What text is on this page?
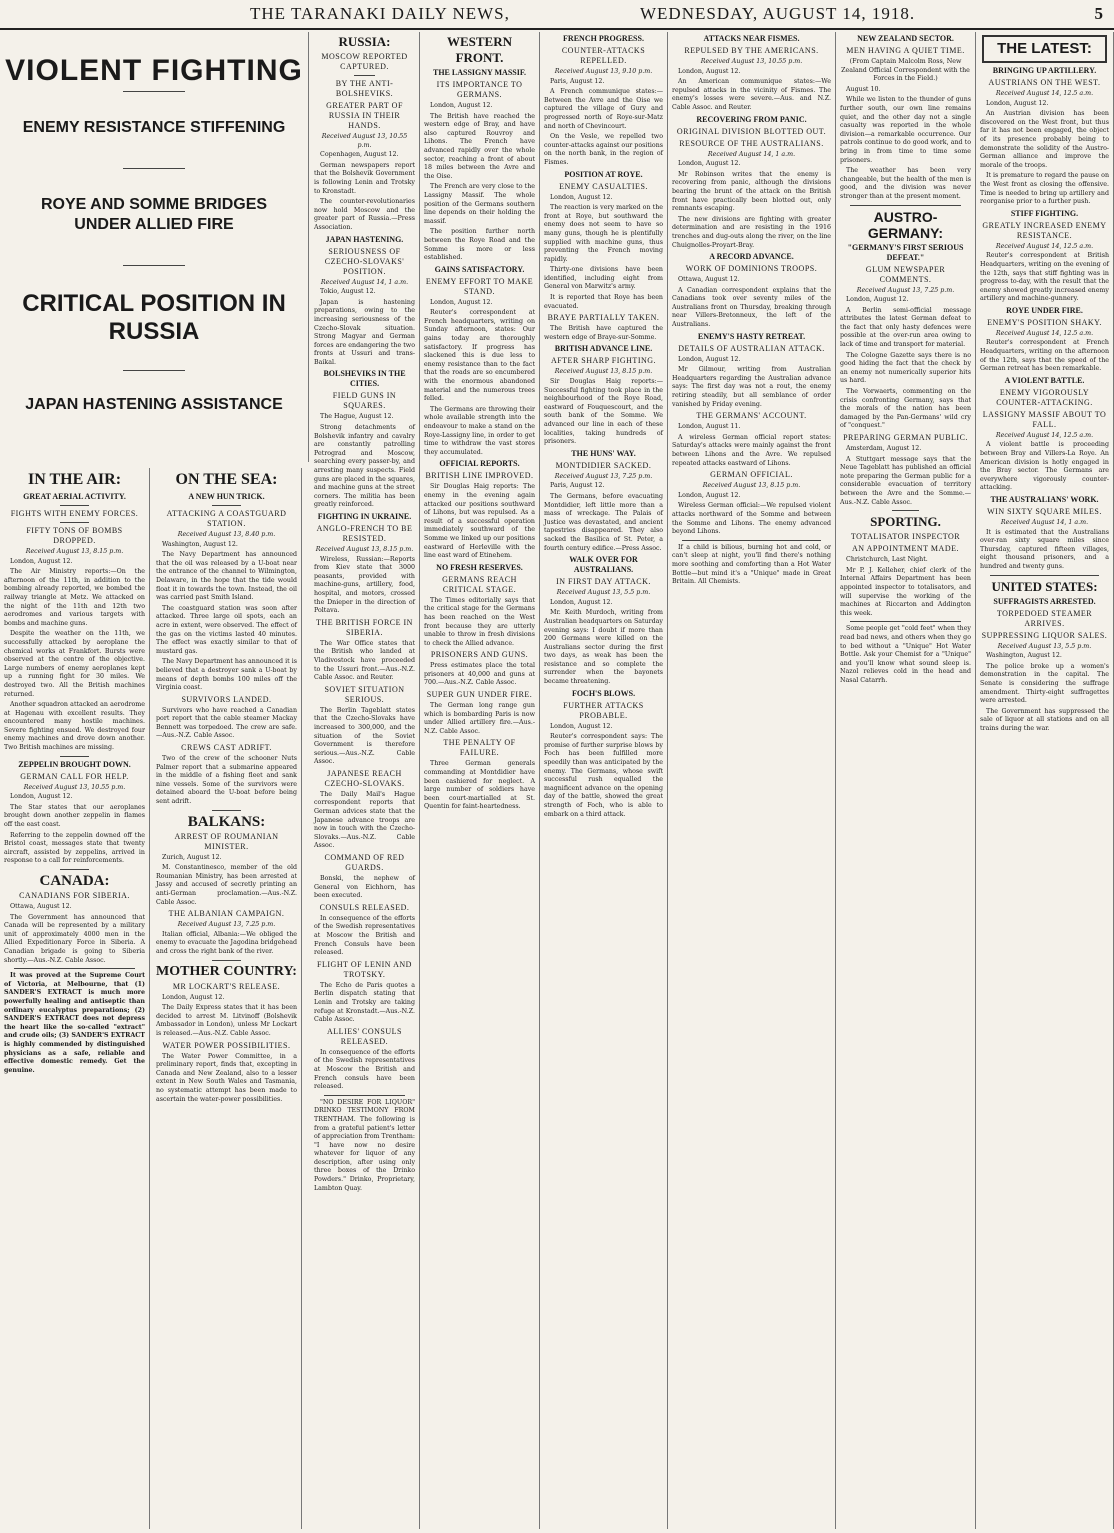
THE TARANAKI DAILY NEWS,	WEDNESDAY, AUGUST 14, 1918.	5
VIOLENT FIGHTING
ENEMY RESISTANCE STIFFENING
ROYE AND SOMME BRIDGES UNDER ALLIED FIRE
CRITICAL POSITION IN RUSSIA
JAPAN HASTENING ASSISTANCE
IN THE AIR:
GREAT AERIAL ACTIVITY.
FIGHTS WITH ENEMY FORCES.
FIFTY TONS OF BOMBS DROPPED.
Received August 13, 8.15 p.m.

London, August 12.

The Air Ministry reports:—On the afternoon of the 11th, in addition to the bombing already reported, we bombed the railway triangle at Metz. We attacked on the night of the 11th and 12th two aerodromes and various targets with bombs and machine guns.

Despite the weather on the 11th, we successfully attacked by aeroplane the chemical works at Frankfort. Bursts were observed at the centre of the objective. Large numbers of enemy aeroplanes kept up a running fight for 30 miles. We destroyed two. All the British machines returned.

Another squadron attacked an aerodrome at Hagenau with excellent results. They encountered many hostile machines. Severe fighting ensued. We destroyed four enemy machines and drove down another. Two British machines are missing.

ZEPPELIN BROUGHT DOWN.
GERMAN CALL FOR HELP.
Received August 13, 10.55 p.m.

London, August 12.

The Star states that our aeroplanes brought down another zeppelin in flames off the east coast.

Referring to the zeppelin downed off the Bristol coast, messages state that twenty aircraft, assisted by zeppelins, arrived in response to a call for reinforcements.

CANADA:
CANADIANS FOR SIBERIA.

Ottawa, August 12.

The Government has announced that Canada will be represented by a military unit of approximately 4000 men in the Allied Expeditionary Force in Siberia. A Canadian brigade is going to Siberia shortly.—Aus.-N.Z. Cable Assoc.

It was proved at the Supreme Court of Victoria, at Melbourne, that (1) SANDER'S EXTRACT is much more powerfully healing and antiseptic than ordinary eucalyptus preparations; (2) SANDER'S EXTRACT does not depress the heart like the so-called "extract" and crude oils; (3) SANDER'S EXTRACT is highly commended by distinguished physicians as a safe, reliable and effective domestic remedy. Get the genuine.

ON THE SEA:
A NEW HUN TRICK.
ATTACKING A COASTGUARD STATION.
Received August 13, 8.40 p.m.

Washington, August 12.

The Navy Department has announced that the oil was released by a U-boat near the entrance of the channel to Wilmington, Delaware, in the hope that the tide would float it in towards the town. Instead, the oil was carried past Smith Island.

The coastguard station was soon after attacked. Three large oil spots, each an acre in extent, were observed. The effect of the gas on the victims lasted 40 minutes. The effect was exactly similar to that of mustard gas.

The Navy Department has announced it is believed that a destroyer sank a U-boat by means of depth bombs 100 miles off the Virginia coast.

SURVIVORS LANDED.

Survivors who have reached a Canadian port report that the cable steamer Mackay Bennett was torpedoed. The crew are safe.—Aus.-N.Z. Cable Assoc.

CREWS CAST ADRIFT.

Two of the crew of the schooner Nuts Palmer report that a submarine appeared in the middle of a fishing fleet and sank nine vessels. Some of the survivors were detained aboard the U-boat before being sent adrift.

BALKANS:
ARREST OF ROUMANIAN MINISTER.

Zurich, August 12.

M. Constantinesco, member of the old Roumanian Ministry, has been arrested at Jassy and accused of secretly printing an anti-German proclamation.—Aus.-N.Z. Cable Assoc.

THE ALBANIAN CAMPAIGN.
Received August 13, 7.25 p.m.

Italian official, Albania:—We obliged the enemy to evacuate the Jagodina bridgehead and cross the right bank of the river.

MOTHER COUNTRY:
MR LOCKART'S RELEASE.

London, August 12.

The Daily Express states that it has been decided to arrest M. Litvinoff (Bolshevik Ambassador in London), unless Mr Lockart is released.—Aus.-N.Z. Cable Assoc.

WATER POWER POSSIBILITIES.

The Water Power Committee, in a preliminary report, finds that, excepting in Canada and New Zealand, also to a lesser extent in New South Wales and Tasmania, no systematic attempt has been made to ascertain the water-power possibilities.

RUSSIA:
MOSCOW REPORTED CAPTURED.
BY THE ANTI-BOLSHEVIKS.
GREATER PART OF RUSSIA IN THEIR HANDS.
Received August 13, 10.55 p.m.

Copenhagen, August 12.

German newspapers report that the Bolshevik Government is following Lenin and Trotsky to Kronstadt.

The counter-revolutionaries now hold Moscow and the greater part of Russia.—Press Association.

JAPAN HASTENING.
SERIOUSNESS OF CZECHO-SLOVAKS' POSITION.
Received August 14, 1 a.m.

Tokio, August 12.

Japan is hastening preparations, owing to the increasing seriousness of the Czecho-Slovak situation. Strong Magyar and German forces are endangering the two fronts at Ussuri and trans-Baikal.

BOLSHEVIKS IN THE CITIES.
FIELD GUNS IN SQUARES.

The Hague, August 12.

Strong detachments of Bolshevik infantry and cavalry are constantly patrolling Petrograd and Moscow, searching every passer-by, and arresting many suspects. Field guns are placed in the squares, and machine guns at the street corners. The militia has been greatly reinforced.

FIGHTING IN UKRAINE.
ANGLO-FRENCH TO BE RESISTED.
Received August 13, 8.15 p.m.

Wireless, Russian:—Reports from Kiev state that 3000 peasants, provided with machine-guns, artillery, food, hospital, and motors, crossed the Dnieper in the direction of Poltava.

THE BRITISH FORCE IN SIBERIA.

The War Office states that the British who landed at Vladivostock have proceeded to the Ussuri front.—Aus.-N.Z. Cable Assoc. and Reuter.

SOVIET SITUATION SERIOUS.

The Berlin Tageblatt states that the Czecho-Slovaks have increased to 300,000, and the situation of the Soviet Government is therefore serious.—Aus.-N.Z. Cable Assoc.

JAPANESE REACH CZECHO-SLOVAKS.

The Daily Mail's Hague correspondent reports that German advices state that the Japanese advance troops are now in touch with the Czecho-Slovaks.—Aus.-N.Z. Cable Assoc.

COMMAND OF RED GUARDS.

Bonski, the nephew of General von Eichhorn, has been executed.

CONSULS RELEASED.

In consequence of the efforts of the Swedish representatives at Moscow the British and French Consuls have been released.

FLIGHT OF LENIN AND TROTSKY.

The Echo de Paris quotes a Berlin dispatch stating that Lenin and Trotsky are taking refuge at Kronstadt.—Aus.-N.Z. Cable Assoc.

ALLIES' CONSULS RELEASED.

In consequence of the efforts of the Swedish representatives at Moscow the British and French consuls have been released.

"NO DESIRE FOR LIQUOR" DRINKO TESTIMONY FROM TRENTHAM. The following is from a grateful patient's letter of appreciation from Trentham: "I have now no desire whatever for liquor of any description, after using only three boxes of the Drinko Powders." Drinko, Proprietary, Lambton Quay.

WESTERN FRONT.
THE LASSIGNY MASSIF.
ITS IMPORTANCE TO GERMANS.

London, August 12.

The British have reached the western edge of Bray, and have also captured Rouvroy and Lihons. The French have advanced rapidly over the whole sector, reaching a front of about 18 miles between the Avre and the Oise.

The French are very close to the Lassigny Massif. The whole position of the Germans southern line depends on their holding the massif.

The position further north between the Roye Road and the Somme is more or less established.

GAINS SATISFACTORY.
ENEMY EFFORT TO MAKE STAND.

London, August 12.

Reuter's correspondent at French headquarters, writing on Sunday afternoon, states: Our gains today are thoroughly satisfactory. If progress has slackened this is due less to enemy resistance than to the fact that the roads are so encumbered with the enormous abandoned material and the numerous trees felled.

The Germans are throwing their whole available strength into the endeavour to make a stand on the Roye-Lassigny line, in order to get time to withdraw the vast stores they accumulated.

OFFICIAL REPORTS.
BRITISH LINE IMPROVED.

Sir Douglas Haig reports: The enemy in the evening again attacked our positions southward of Lihons, but was repulsed. As a result of a successful operation immediately southward of the Somme we linked up our positions eastward of Herleville with the line east ward of Etinehem.

NO FRESH RESERVES.
GERMANS REACH CRITICAL STAGE.

The Times editorially says that the critical stage for the Germans has been reached on the West front because they are utterly unable to throw in fresh divisions to check the Allied advance.

PRISONERS AND GUNS.

Press estimates place the total prisoners at 40,000 and guns at 700.—Aus.-N.Z. Cable Assoc.

SUPER GUN UNDER FIRE.

The German long range gun which is bombarding Paris is now under Allied artillery fire.—Aus.-N.Z. Cable Assoc.

THE PENALTY OF FAILURE.

Three German generals commanding at Montdidier have been cashiered for neglect. A large number of soldiers have been court-martialled at St. Quentin for faint-heartedness.

FRENCH PROGRESS.
COUNTER-ATTACKS REPELLED.
Received August 13, 9.10 p.m.

Paris, August 12.

A French communique states:—Between the Avre and the Oise we captured the village of Gury and progressed north of Roye-sur-Matz and north of Chevincourt.

On the Vesle, we repelled two counter-attacks against our positions on the north bank, in the region of Fismes.

POSITION AT ROYE.
ENEMY CASUALTIES.

London, August 12.

The reaction is very marked on the front at Roye, but southward the enemy does not seem to have so many guns, though he is plentifully supplied with machine guns, thus preventing the French moving rapidly.

Thirty-one divisions have been identified, including eight from General von Marwitz's army.

It is reported that Roye has been evacuated.

BRAYE PARTIALLY TAKEN.

The British have captured the western edge of Braye-sur-Somme.

BRITISH ADVANCE LINE.
AFTER SHARP FIGHTING.
Received August 13, 8.15 p.m.

Sir Douglas Haig reports:—Successful fighting took place in the neighbourhood of the Roye Road, eastward of Fouquescourt, and the south bank of the Somme. We advanced our line in each of these localities, taking hundreds of prisoners.

THE HUNS' WAY.
MONTDIDIER SACKED.
Received August 13, 7.25 p.m.

Paris, August 12.

The Germans, before evacuating Montdidier, left little more than a mass of wreckage. The Palais of Justice was devastated, and ancient tapestries disappeared. They also sacked the Basilica of St. Peter, a fourth century edifice.—Press Assoc.

WALK OVER FOR AUSTRALIANS.
IN FIRST DAY ATTACK.
Received August 13, 5.5 p.m.

London, August 12.

Mr. Keith Murdoch, writing from Australian headquarters on Saturday evening says: I doubt if more than 200 Germans were killed on the Australians sector during the first two days, as weak has been the resistance and so complete the surrender when the bayonets became threatening.

FOCH'S BLOWS.
FURTHER ATTACKS PROBABLE.

London, August 12.

Reuter's correspondent says: The promise of further surprise blows by Foch has been fulfilled more speedily than was anticipated by the enemy. The Germans, whose swift successful rush equalled the magnificent advance on the opening day of the battle, showed the great strength of Foch, who is able to embark on a third attack.

ATTACKS NEAR FISMES.
REPULSED BY THE AMERICANS.
Received August 13, 10.55 p.m.

London, August 12.

An American communique states:—We repulsed attacks in the vicinity of Fismes. The enemy's losses were severe.—Aus. and N.Z. Cable Assoc. and Reuter.

RECOVERING FROM PANIC.
ORIGINAL DIVISION BLOTTED OUT.
RESOURCE OF THE AUSTRALIANS.
Received August 14, 1 a.m.

London, August 12.

Mr Robinson writes that the enemy is recovering from panic, although the divisions bearing the brunt of the attack on the British front have practically been blotted out, only remnants escaping.

The new divisions are fighting with greater determination and are resisting in the 1916 trenches and dug-outs along the river, on the line Chuignolles-Proyart-Bray.

A RECORD ADVANCE.
WORK OF DOMINIONS TROOPS.

Ottawa, August 12.

A Canadian correspondent explains that the Canadians took over seventy miles of the Australians front on Thursday, breaking through near Villers-Bretonneux, the left of the Australians.

ENEMY'S HASTY RETREAT.
DETAILS OF AUSTRALIAN ATTACK.

London, August 12.

Mr Gilmour, writing from Australian Headquarters regarding the Australian advance says: The first day was not a rout, the enemy retiring steadily, but all semblance of order vanished by Friday evening.

THE GERMANS' ACCOUNT.

London, August 11.

A wireless German official report states: Saturday's attacks were mainly against the front between Lihons and the Avre. We repulsed repeated attacks eastward of Lihons.

GERMAN OFFICIAL.
Received August 13, 8.15 p.m.

London, August 12.

Wireless German official:—We repulsed violent attacks northward of the Somme and between the Somme and Lihons. The enemy advanced beyond Lihons.

If a child is bilious, burning hot and cold, or can't sleep at night, you'll find there's nothing more soothing and comforting than a Hot Water Bottle—but mind it's a "Unique" made in Great Britain. All Chemists.

NEW ZEALAND SECTOR.
MEN HAVING A QUIET TIME.

(From Captain Malcolm Ross, New Zealand Official Correspondent with the Forces in the Field.)

August 10.

While we listen to the thunder of guns further south, our own line remains quiet, and the other day not a single casualty was reported in the whole division—a remarkable occurrence. Our patrols continue to do good work, and to bring in from time to time some prisoners.

The weather has been very changeable, but the health of the men is good, and the division was never stronger than at the present moment.

AUSTRO-GERMANY:
"GERMANY'S FIRST SERIOUS DEFEAT."
GLUM NEWSPAPER COMMENTS.
Received August 13, 7.25 p.m.

London, August 12.

A Berlin semi-official message attributes the latest German defeat to the fact that only hasty defences were possible at the over-run area owing to lack of time and transport for material.

The Cologne Gazette says there is no good hiding the fact that the check by an enemy not numerically superior hits us hard.

The Vorwaerts, commenting on the crisis confronting Germany, says that the morals of the nation has been damaged by the Pan-Germans' wild cry of "conquest."

PREPARING GERMAN PUBLIC.

Amsterdam, August 12.

A Stuttgart message says that the Neue Tageblatt has published an official note preparing the German public for a considerable evacuation of territory between the Avre and the Somme.—Aus.-N.Z. Cable Assoc.

SPORTING.
TOTALISATOR INSPECTOR
AN APPOINTMENT MADE.

Christchurch, Last Night.

Mr P. J. Kelleher, chief clerk of the Internal Affairs Department has been appointed inspector to totalisators, and will supervise the working of the machines at Riccarton and Addington this week.

Some people get "cold feet" when they read bad news, and others when they go to bed without a "Unique" Hot Water Bottle. Ask your Chemist for a "Unique" and you'll know what sound sleep is. Nazol relieves cold in the head and Nasal Catarrh.

THE LATEST:
BRINGING UP ARTILLERY.
AUSTRIANS ON THE WEST.
Received August 14, 12.5 a.m.

London, August 12.

An Austrian division has been discovered on the West front, but thus far it has not been engaged, the object of its presence probably being to demonstrate the solidity of the Austro-German alliance and improve the morale of the troops.

It is premature to regard the pause on the West front as closing the offensive. Time is needed to bring up artillery and reorganise prior to a further push.

STIFF FIGHTING.
GREATLY INCREASED ENEMY RESISTANCE.
Received August 14, 12.5 a.m.

Reuter's correspondent at British Headquarters, writing on the evening of the 12th, says that stiff fighting was in progress to-day, with the result that the enemy showed greatly increased enemy artillery and machine-gunnery.

ROYE UNDER FIRE.
ENEMY'S POSITION SHAKY.
Received August 14, 12.5 a.m.

Reuter's correspondent at French Headquarters, writing on the afternoon of the 12th, says that the speed of the German retreat has been remarkable.

A VIOLENT BATTLE.
ENEMY VIGOROUSLY COUNTER-ATTACKING.
LASSIGNY MASSIF ABOUT TO FALL.
Received August 14, 12.5 a.m.

A violent battle is proceeding between Bray and Villers-La Roye. An American division is hotly engaged in the Bray sector. The Germans are everywhere vigorously counter-attacking.

THE AUSTRALIANS' WORK.
WIN SIXTY SQUARE MILES.
Received August 14, 1 a.m.

It is estimated that the Australians over-ran sixty square miles since Thursday, captured fifteen villages, eight thousand prisoners, and a hundred and twenty guns.

UNITED STATES:
SUFFRAGISTS ARRESTED.
TORPEDOED STEAMER ARRIVES.
SUPPRESSING LIQUOR SALES.
Received August 13, 5.5 p.m.

Washington, August 12.

The police broke up a women's demonstration in the capital. The Senate is considering the suffrage amendment. Thirty-eight suffragettes were arrested.

The Government has suppressed the sale of liquor at all stations and on all trains during the war.
